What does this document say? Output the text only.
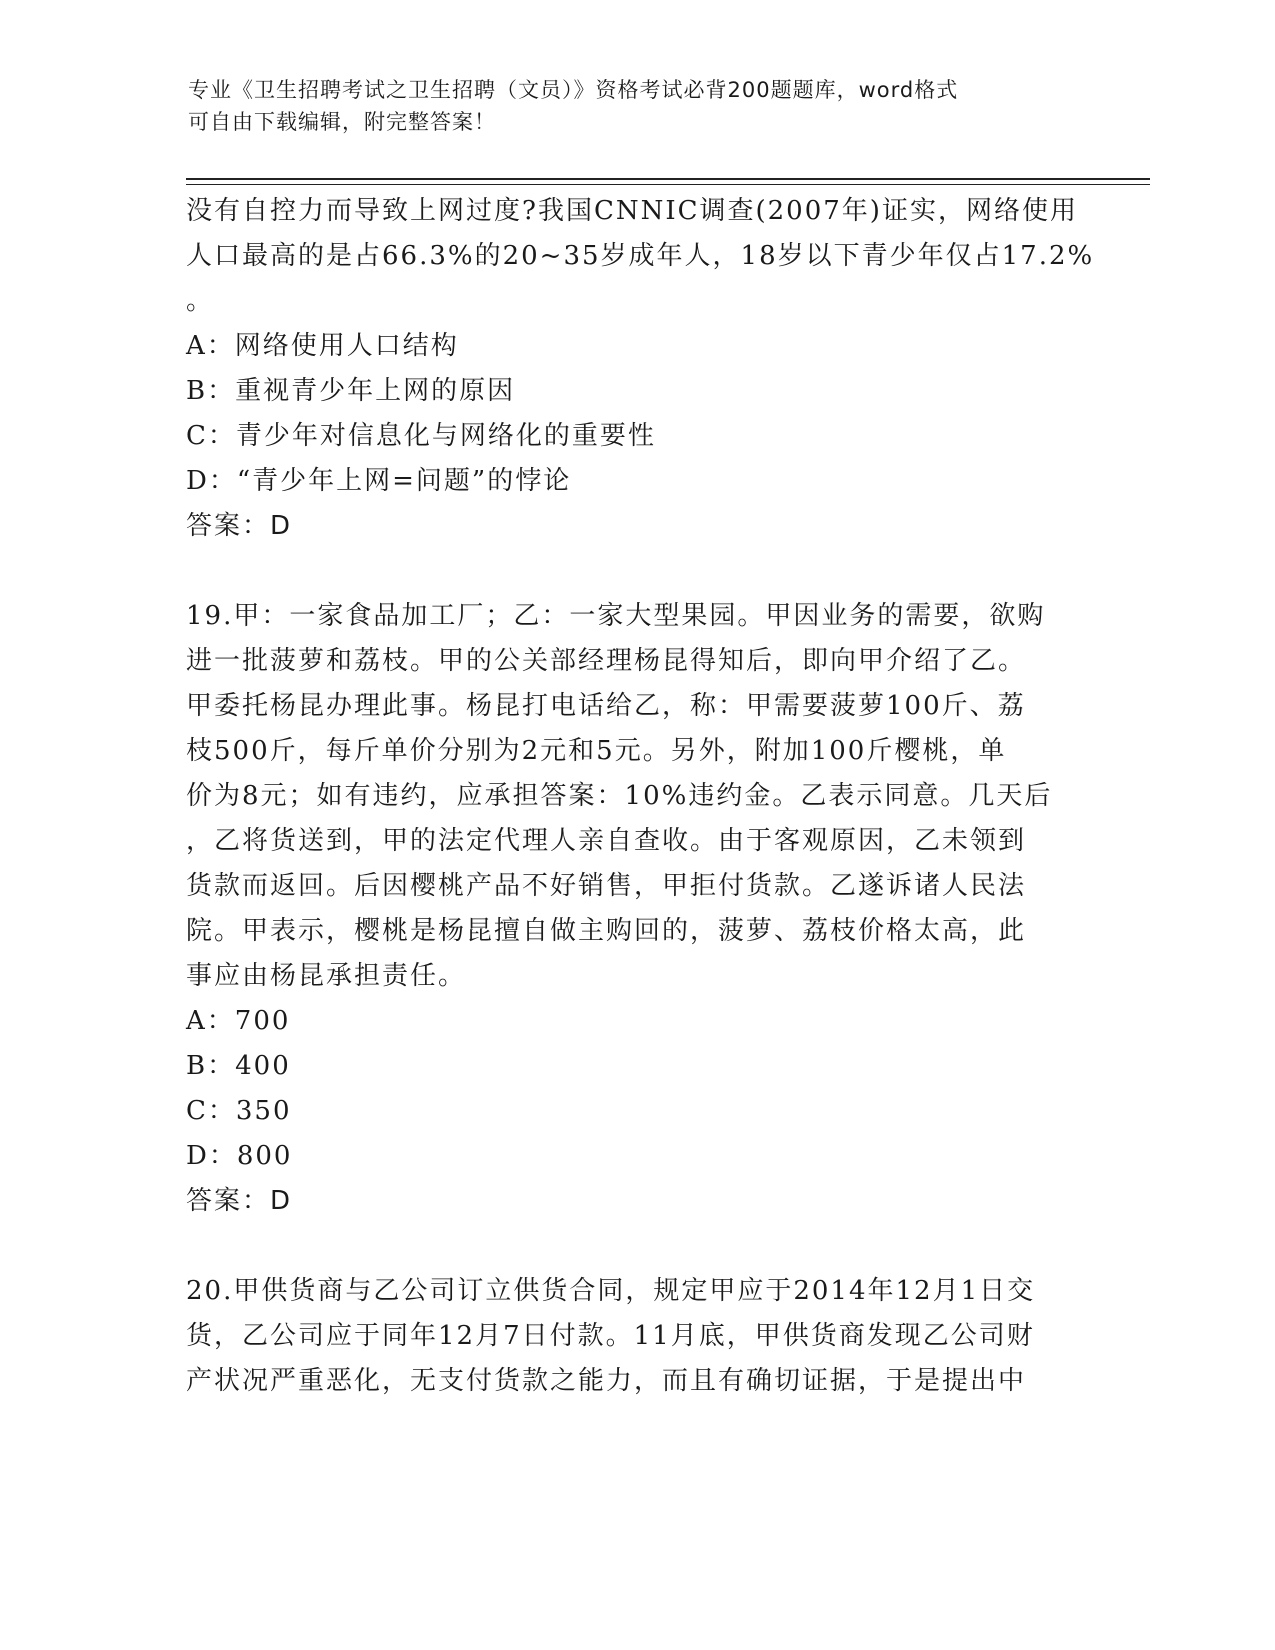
专业《卫生招聘考试之卫生招聘（文员）》资格考试必背200题题库，word格式
可自由下载编辑，附完整答案！
没有自控力而导致上网过度?我国CNNIC调查(2007年)证实，网络使用
人口最高的是占66.3%的20~35岁成年人，18岁以下青少年仅占17.2%
。
A：网络使用人口结构
B：重视青少年上网的原因
C：青少年对信息化与网络化的重要性
D：“青少年上网=问题”的悖论
答案：D
19.甲：一家食品加工厂；乙：一家大型果园。甲因业务的需要，欲购
进一批菠萝和荔枝。甲的公关部经理杨昆得知后，即向甲介绍了乙。
甲委托杨昆办理此事。杨昆打电话给乙，称：甲需要菠萝100斤、荔
枝500斤，每斤单价分别为2元和5元。另外，附加100斤樱桃，单
价为8元；如有违约，应承担答案：10%违约金。乙表示同意。几天后
，乙将货送到，甲的法定代理人亲自查收。由于客观原因，乙未领到
货款而返回。后因樱桃产品不好销售，甲拒付货款。乙遂诉诸人民法
院。甲表示，樱桃是杨昆擅自做主购回的，菠萝、荔枝价格太高，此
事应由杨昆承担责任。
A：700
B：400
C：350
D：800
答案：D
20.甲供货商与乙公司订立供货合同，规定甲应于2014年12月1日交
货，乙公司应于同年12月7日付款。11月底，甲供货商发现乙公司财
产状况严重恶化，无支付货款之能力，而且有确切证据，于是提出中
